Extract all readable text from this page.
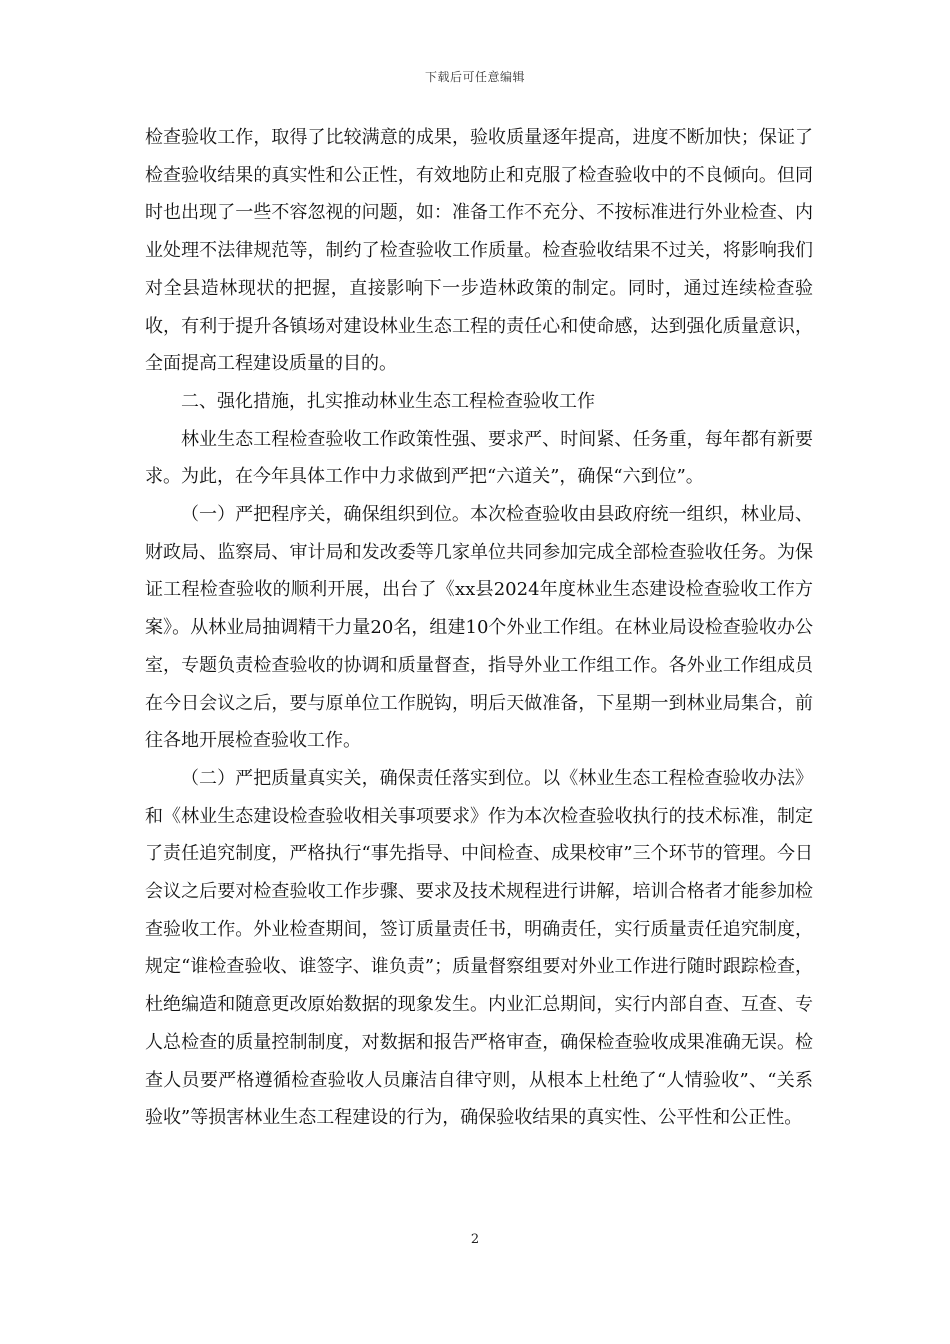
下载后可任意编辑

检查验收工作，取得了比较满意的成果，验收质量逐年提高，进度不断加快；保证了检查验收结果的真实性和公正性，有效地防止和克服了检查验收中的不良倾向。但同时也出现了一些不容忽视的问题，如：准备工作不充分、不按标准进行外业检查、内业处理不法律规范等，制约了检查验收工作质量。检查验收结果不过关，将影响我们对全县造林现状的把握，直接影响下一步造林政策的制定。同时，通过连续检查验收，有利于提升各镇场对建设林业生态工程的责任心和使命感，达到强化质量意识，全面提高工程建设质量的目的。

二、强化措施，扎实推动林业生态工程检查验收工作

林业生态工程检查验收工作政策性强、要求严、时间紧、任务重，每年都有新要求。为此，在今年具体工作中力求做到严把“六道关”，确保“六到位”。

（一）严把程序关，确保组织到位。本次检查验收由县政府统一组织，林业局、财政局、监察局、审计局和发改委等几家单位共同参加完成全部检查验收任务。为保证工程检查验收的顺利开展，出台了《xx县2024年度林业生态建设检查验收工作方案》。从林业局抽调精干力量20名，组建10个外业工作组。在林业局设检查验收办公室，专题负责检查验收的协调和质量督查，指导外业工作组工作。各外业工作组成员在今日会议之后，要与原单位工作脱钩，明后天做准备，下星期一到林业局集合，前往各地开展检查验收工作。

（二）严把质量真实关，确保责任落实到位。以《林业生态工程检查验收办法》和《林业生态建设检查验收相关事项要求》作为本次检查验收执行的技术标准，制定了责任追究制度，严格执行“事先指导、中间检查、成果校审”三个环节的管理。今日会议之后要对检查验收工作步骤、要求及技术规程进行讲解，培训合格者才能参加检查验收工作。外业检查期间，签订质量责任书，明确责任，实行质量责任追究制度，规定“谁检查验收、谁签字、谁负责”；质量督察组要对外业工作进行随时跟踪检查，杜绝编造和随意更改原始数据的现象发生。内业汇总期间，实行内部自查、互查、专人总检查的质量控制制度，对数据和报告严格审查，确保检查验收成果准确无误。检查人员要严格遵循检查验收人员廉洁自律守则，从根本上杜绝了“人情验收”、“关系验收”等损害林业生态工程建设的行为，确保验收结果的真实性、公平性和公正性。

2
